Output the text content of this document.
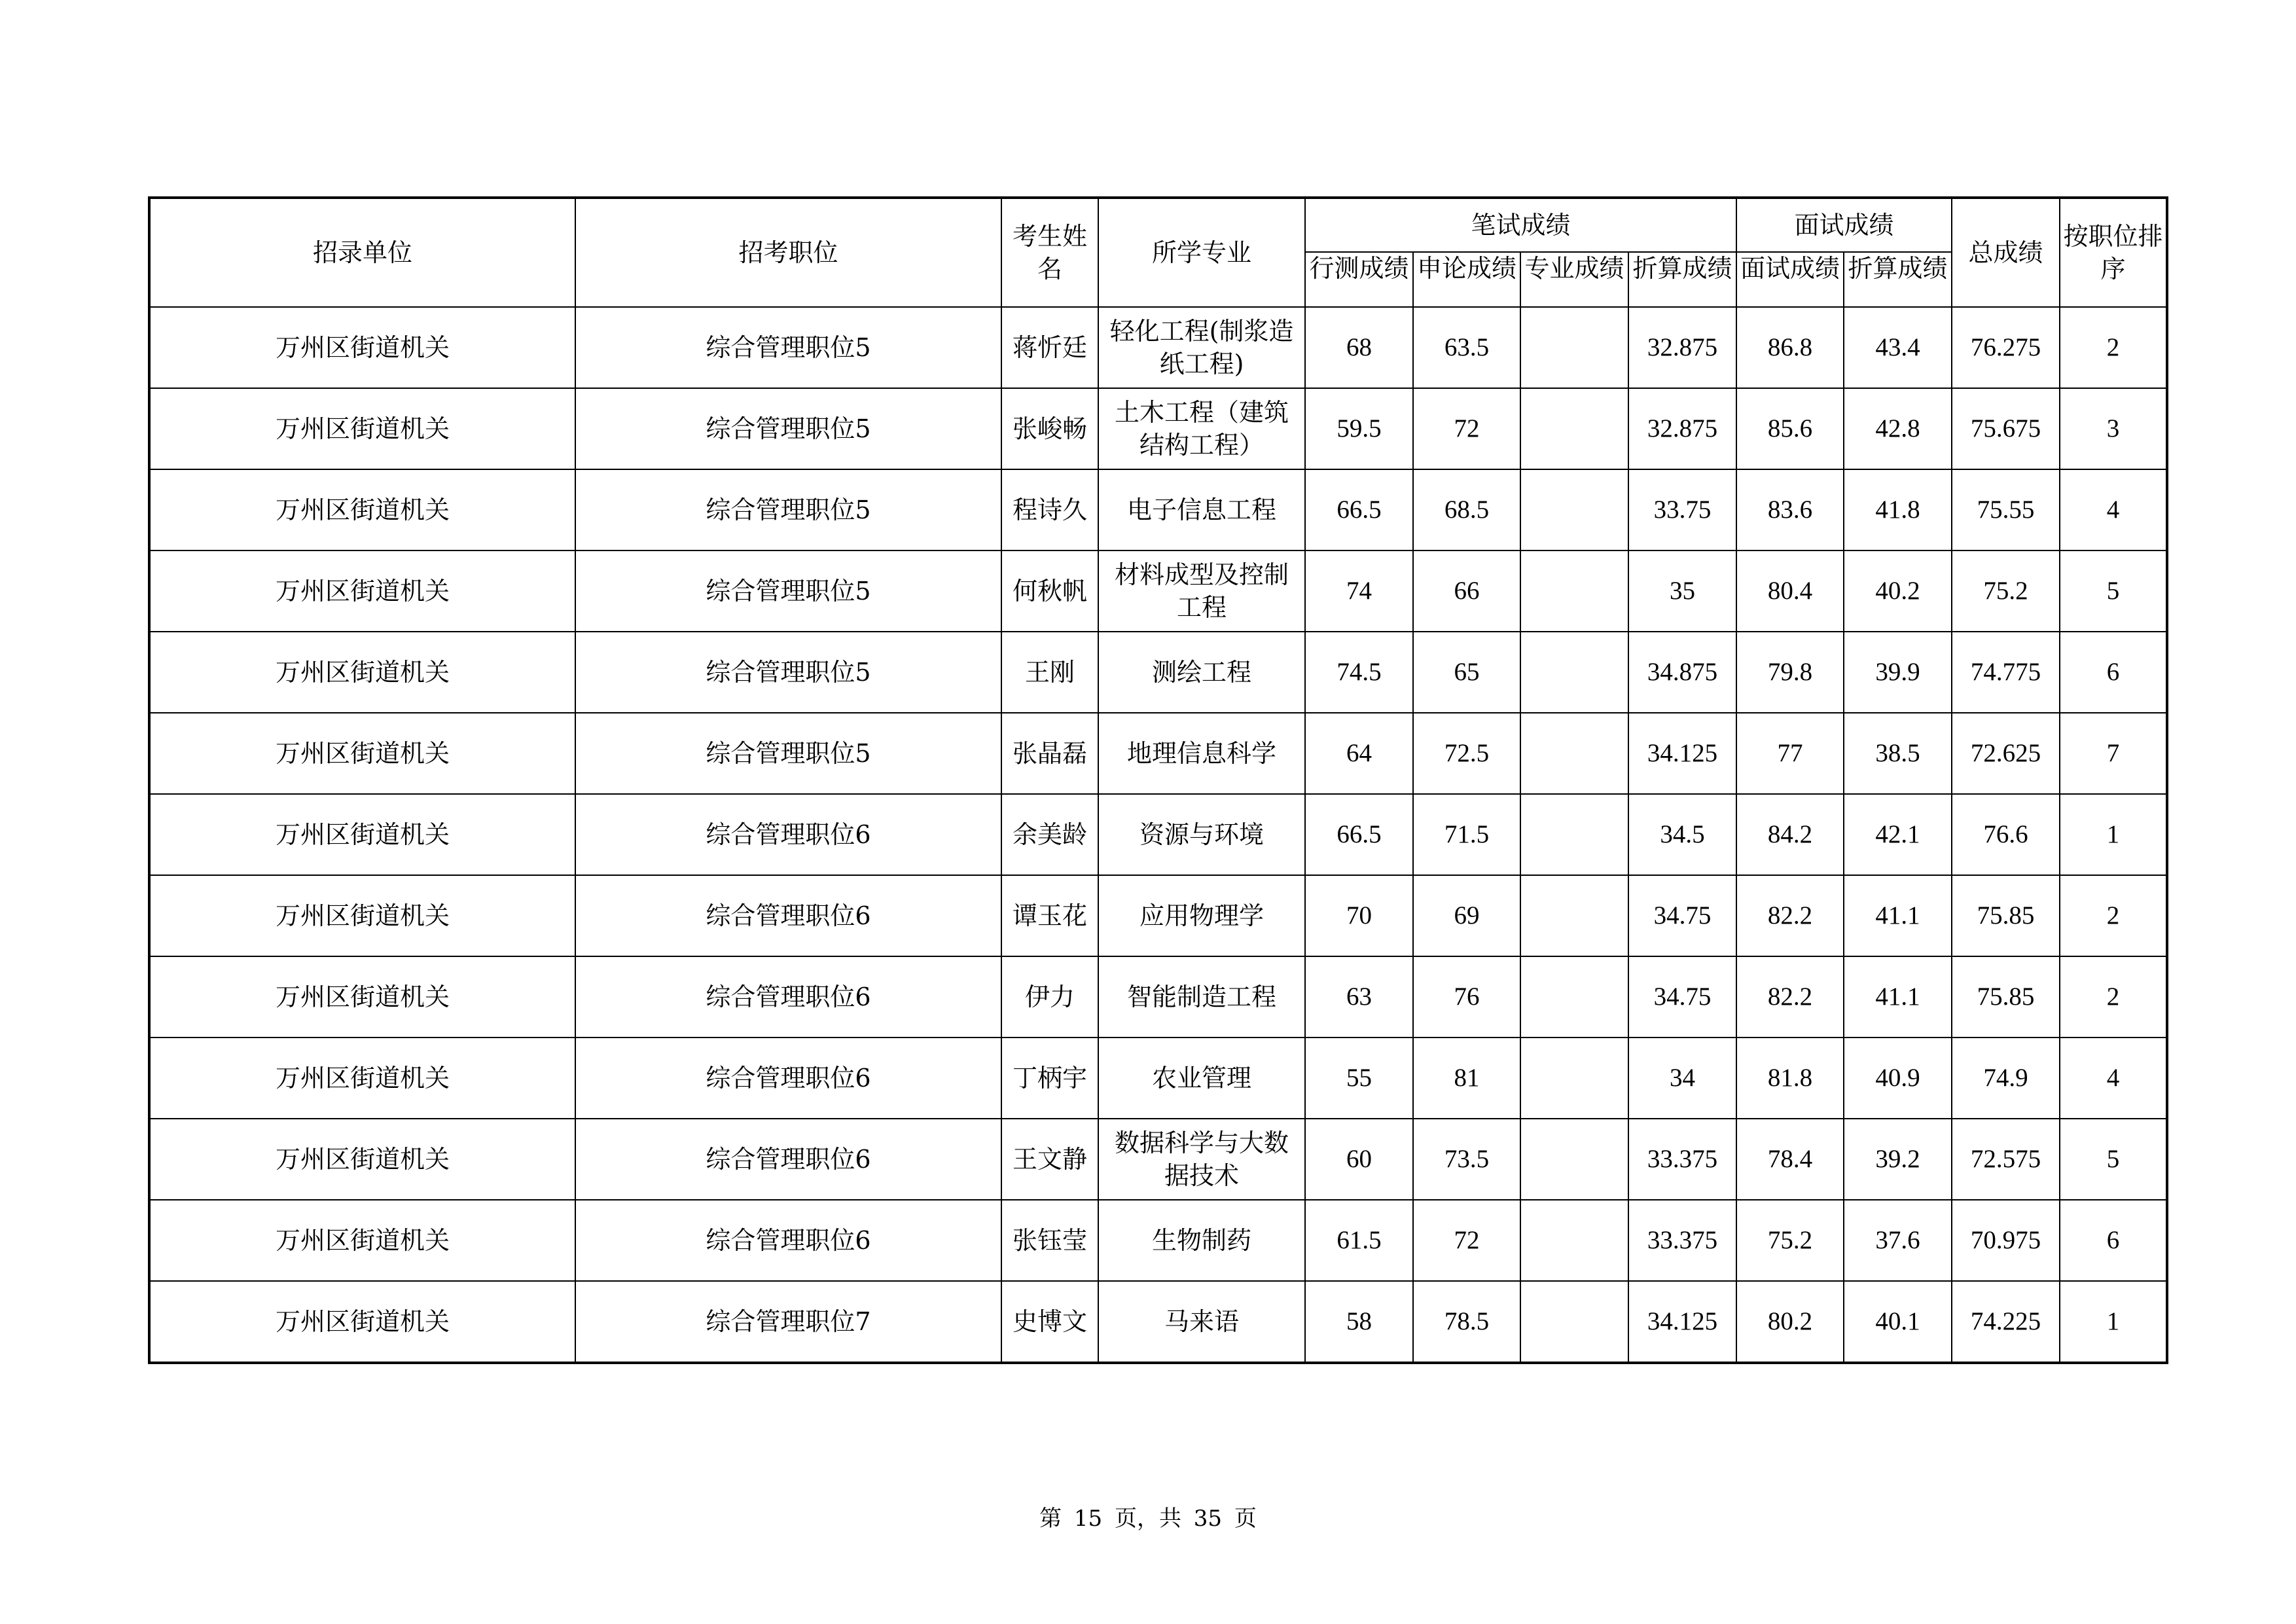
招录单位	招考职位	考生姓名	所学专业	笔试成绩				面试成绩		总成绩	按职位排序

				行测成绩	申论成绩	专业成绩	折算成绩	面试成绩	折算成绩		

万州区街道机关	综合管理职位5	蒋忻廷	轻化工程(制浆造纸工程)	68	63.5		32.875	86.8	43.4	76.275	2
万州区街道机关	综合管理职位5	张峻畅	土木工程（建筑结构工程）	59.5	72		32.875	85.6	42.8	75.675	3
万州区街道机关	综合管理职位5	程诗久	电子信息工程	66.5	68.5		33.75	83.6	41.8	75.55	4
万州区街道机关	综合管理职位5	何秋帆	材料成型及控制工程	74	66		35	80.4	40.2	75.2	5
万州区街道机关	综合管理职位5	王刚	测绘工程	74.5	65		34.875	79.8	39.9	74.775	6
万州区街道机关	综合管理职位5	张晶磊	地理信息科学	64	72.5		34.125	77	38.5	72.625	7
万州区街道机关	综合管理职位6	余美龄	资源与环境	66.5	71.5		34.5	84.2	42.1	76.6	1
万州区街道机关	综合管理职位6	谭玉花	应用物理学	70	69		34.75	82.2	41.1	75.85	2
万州区街道机关	综合管理职位6	伊力	智能制造工程	63	76		34.75	82.2	41.1	75.85	2
万州区街道机关	综合管理职位6	丁柄宇	农业管理	55	81		34	81.8	40.9	74.9	4
万州区街道机关	综合管理职位6	王文静	数据科学与大数据技术	60	73.5		33.375	78.4	39.2	72.575	5
万州区街道机关	综合管理职位6	张钰莹	生物制药	61.5	72		33.375	75.2	37.6	70.975	6
万州区街道机关	综合管理职位7	史博文	马来语	58	78.5		34.125	80.2	40.1	74.225	1
第 15 页，共 35 页
